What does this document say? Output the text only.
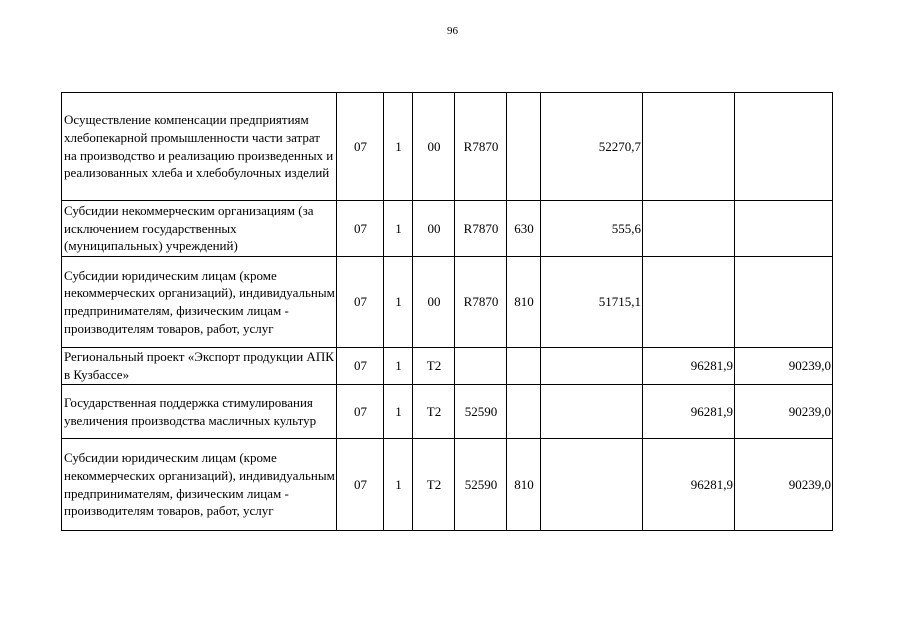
96
Осуществление компенсации предприятиям хлебопекарной промышленности части затрат на производство и реализацию произведенных и реализованных хлеба и хлебобулочных изделий	07	1	00	R7870		52270,7		
Субсидии некоммерческим организациям (за исключением государственных (муниципальных) учреждений)	07	1	00	R7870	630	555,6		
Субсидии юридическим лицам (кроме некоммерческих организаций), индивидуальным предпринимателям, физическим лицам - производителям товаров, работ, услуг	07	1	00	R7870	810	51715,1		
Региональный проект «Экспорт продукции АПК в Кузбассе»	07	1	T2				96281,9	90239,0
Государственная поддержка стимулирования увеличения производства масличных культур	07	1	T2	52590			96281,9	90239,0
Субсидии юридическим лицам (кроме некоммерческих организаций), индивидуальным предпринимателям, физическим лицам - производителям товаров, работ, услуг	07	1	T2	52590	810		96281,9	90239,0
